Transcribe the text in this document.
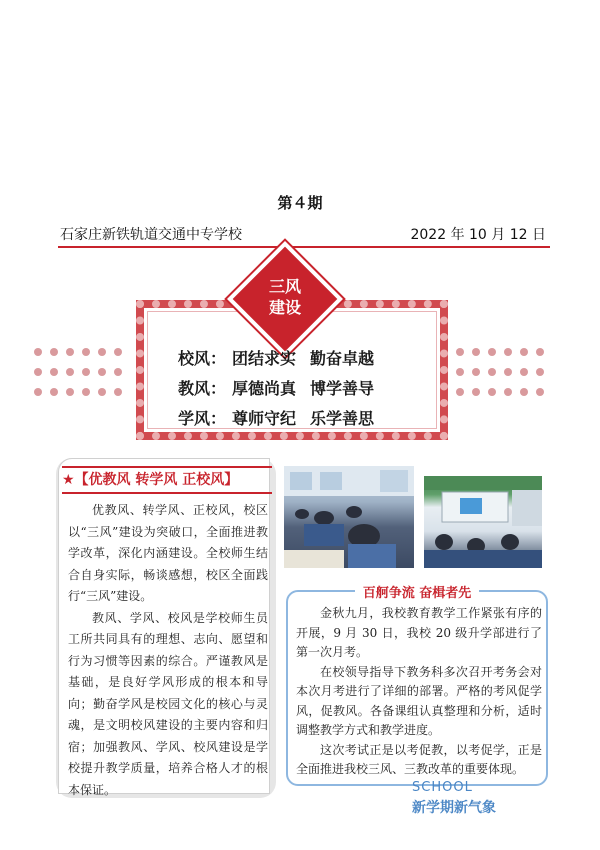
第４期
石家庄新铁轨道交通中专学校	2022 年 10 月 12 日
三风
建设
校风： 团结求实 勤奋卓越
教风： 厚德尚真 博学善导
学风： 尊师守纪 乐学善思
★【优教风 转学风 正校风】

优教风、转学风、正校风，校区以“三风”建设为突破口，全面推进教学改革，深化内涵建设。全校师生结合自身实际，畅谈感想，校区全面践行“三风”建设。

教风、学风、校风是学校师生员工所共同具有的理想、志向、愿望和行为习惯等因素的综合。严谨教风是基础，是良好学风形成的根本和导向；勤奋学风是校园文化的核心与灵魂，是文明校风建设的主要内容和归宿；加强教风、学风、校风建设是学校提升教学质量，培养合格人才的根本保证。

百舸争流 奋楫者先

金秋九月，我校教育教学工作紧张有序的开展，9 月 30 日，我校 20 级升学部进行了第一次月考。

在校领导指导下教务科多次召开考务会对本次月考进行了详细的部署。严格的考风促学风，促教风。各备课组认真整理和分析，适时调整教学方式和教学进度。

这次考试正是以考促教，以考促学，正是全面推进我校三风、三教改革的重要体现。

SCHOOL
新学期新气象
